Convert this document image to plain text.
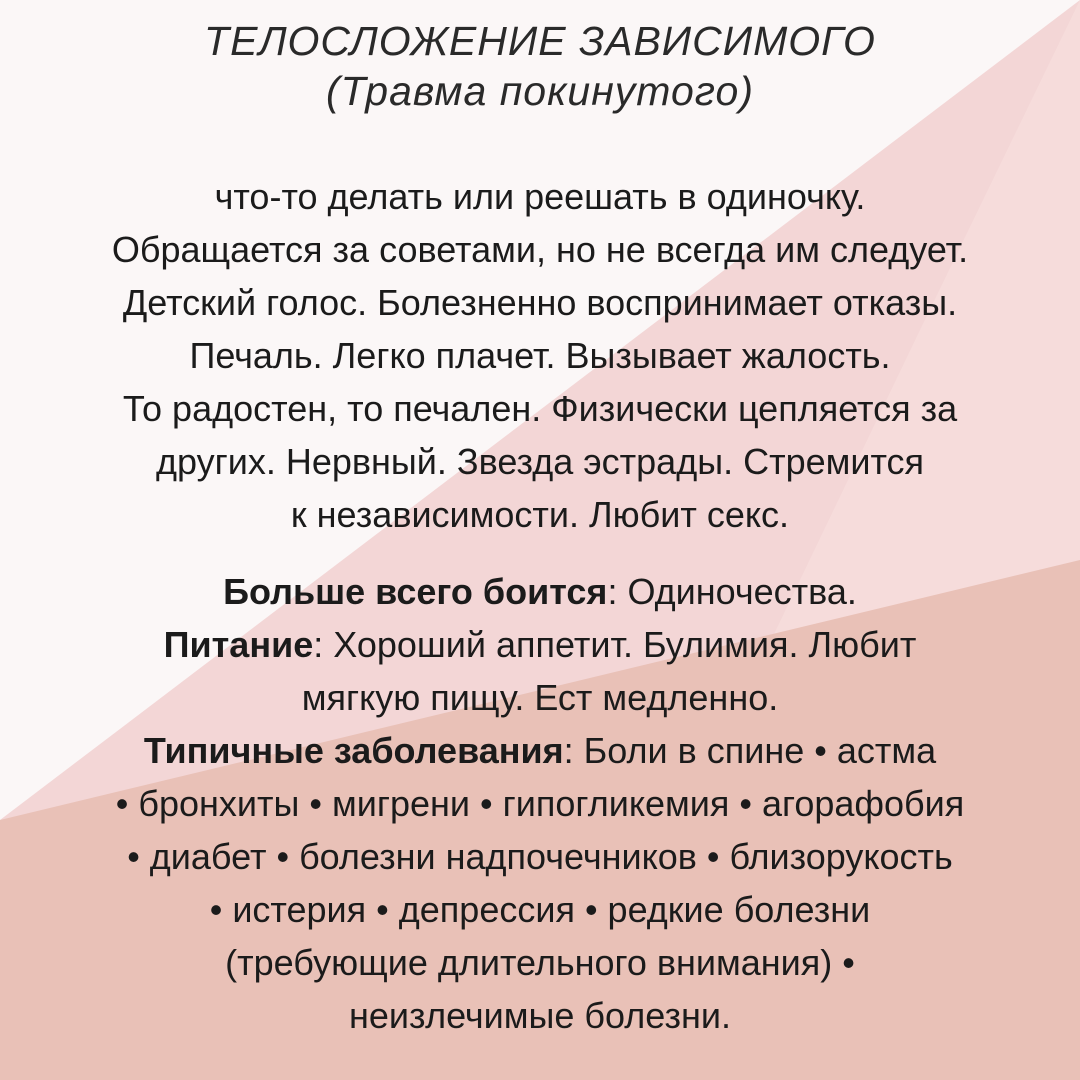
ТЕЛОСЛОЖЕНИЕ ЗАВИСИМОГО
(Травма покинутого)
что-то делать или реешать в одиночку.
Обращается за советами, но не всегда им следует.
Детский голос. Болезненно воспринимает отказы.
Печаль. Легко плачет. Вызывает жалость.
То радостен, то печален. Физически цепляется за
других. Нервный. Звезда эстрады. Стремится
к независимости. Любит секс.
Больше всего боится: Одиночества.
Питание: Хороший аппетит. Булимия. Любит
мягкую пищу. Ест медленно.
Типичные заболевания: Боли в спине • астма
• бронхиты • мигрени • гипогликемия • агорафобия
• диабет • болезни надпочечников • близорукость
• истерия • депрессия • редкие болезни
(требующие длительного внимания) •
неизлечимые болезни.
